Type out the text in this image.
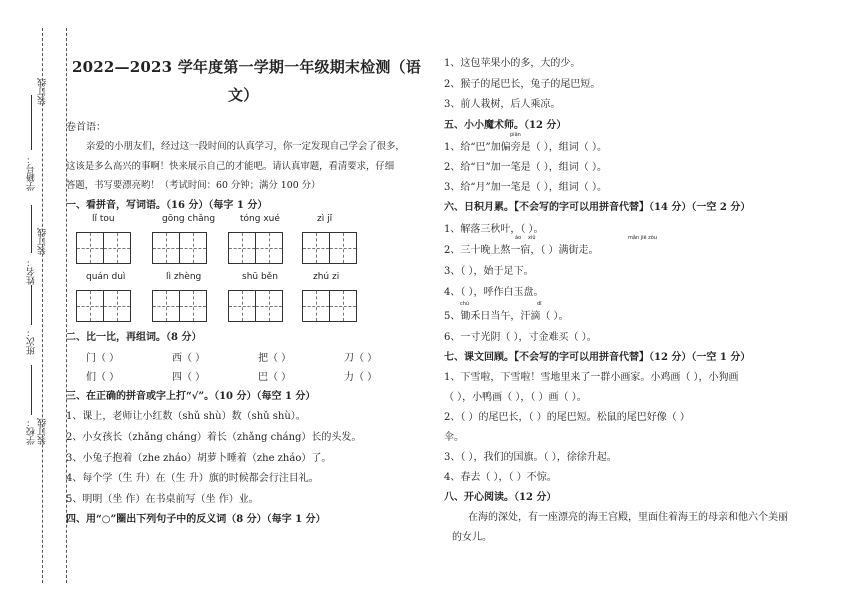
装订线
装订线
装订线
学籍号：
姓名：
班次：
学校：
2022—2023 学年度第一学期一年级期末检测（语
文）
卷首语：
亲爱的小朋友们，经过这一段时间的认真学习，你一定发现自己学会了很多，
这该是多么高兴的事啊！快来展示自己的才能吧。请认真审题，看清要求，仔细
答题，书写要漂亮哟！（考试时间：60 分钟；满分 100 分）
一、看拼音，写词语。（16 分）（每字 1 分）
lǐ tou	gōng chǎng	tóng xué	zì jǐ
quán duì	lì zhèng	shū běn	zhú zi
二、比一比，再组词。（8 分）
门（ ）	西（ ）	把（ ）	刀（ ）
们（ ）	四（ ）	巴（ ）	力（ ）
三、在正确的拼音或字上打“√”。（10 分）（每空 1 分）
1、课上，老师让小红数（shǔ shù）数（shǔ shù）。
2、小女孩长（zhǎng cháng）着长（zhǎng cháng）长的头发。
3、小兔子抱着（zhe zháo）胡萝卜睡着（zhe zháo）了。
4、每个学（生 升）在（生 升）旗的时候都会行注目礼。
5、明明（坐 作）在书桌前写（坐 作）业。
四、用“○”圈出下列句子中的反义词（8 分）（每字 1 分）
1、这包苹果小的多，大的少。
2、猴子的尾巴长，兔子的尾巴短。
3、前人栽树，后人乘凉。
五、小小魔术师。（12 分）
piān
1、给“巴”加偏旁是（ ），组词（ ）。
2、给“日”加一笔是（ ），组词（ ）。
3、给“月”加一笔是（ ），组词（ ）。
六、日积月累。【不会写的字可以用拼音代替】（14 分）（一空 2 分）
1、解落三秋叶，（ ）。
áo xiǔ	mǎn jiē zǒu
2、三十晚上熬一宿，（ ）满街走。
3、（ ），始于足下。
4、（ ），呼作白玉盘。
chú	dī
5、锄禾日当午，汗滴（ ）。
6、一寸光阴（ ），寸金难买（ ）。
七、课文回顾。【不会写的字可以用拼音代替】（12 分）（一空 1 分）
1、下雪啦，下雪啦！雪地里来了一群小画家。小鸡画（ ），小狗画
（ ），小鸭画（ ），（ ）画（ ）。
2、（ ）的尾巴长，（ ）的尾巴短。松鼠的尾巴好像（ ）
伞。
3、（ ），我们的国旗。（ ），徐徐升起。
4、春去（ ），（ ）不惊。
八、开心阅读。（12 分）
在海的深处，有一座漂亮的海王宫殿，里面住着海王的母亲和他六个美丽
的女儿。
